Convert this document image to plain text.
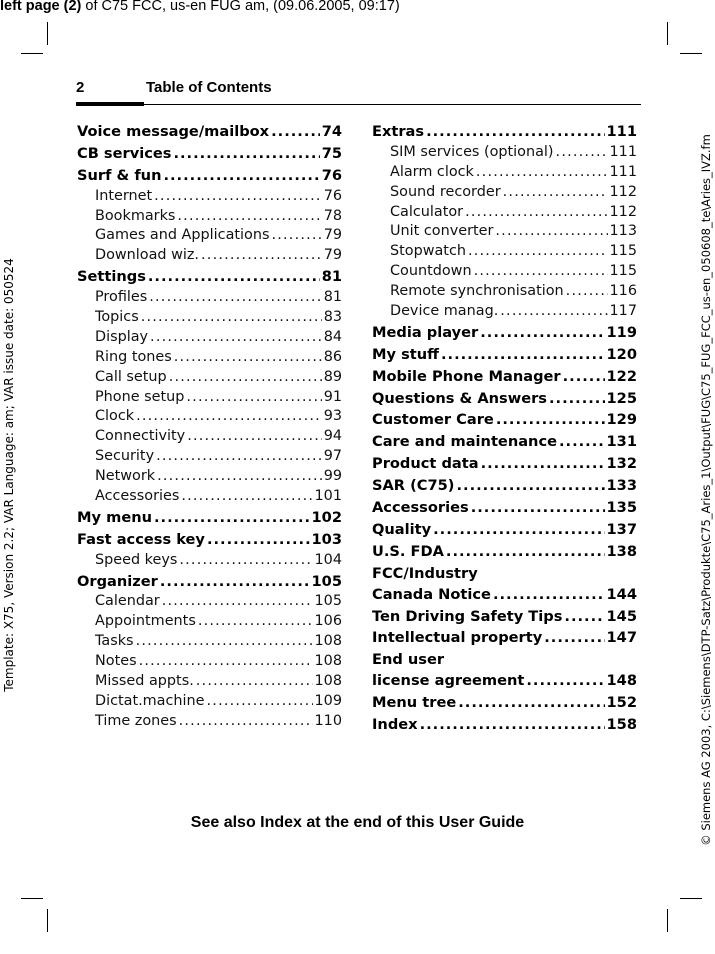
left page (2) of C75 FCC, us-en FUG am, (09.06.2005, 09:17)
Template: X75, Version 2.2; VAR Language: am; VAR issue date: 050524	© Siemens AG 2003, C:\Siemens\DTP-Satz\Produkte\C75_Aries_1\Output\FUG\C75_FUG_FCC_us-en_050608_te\Aries_IVZ.fm
2	Table of Contents
Voice message/mailbox .....	74
CB services .....	75
Surf & fun .....	76
Internet .....	76
Bookmarks .....	78
Games and Applications .....	79
Download wiz. .....	79
Settings .....	81
Profiles .....	81
Topics .....	83
Display .....	84
Ring tones .....	86
Call setup .....	89
Phone setup .....	91
Clock .....	93
Connectivity .....	94
Security .....	97
Network .....	99
Accessories .....	101
My menu .....	102
Fast access key .....	103
Speed keys .....	104
Organizer .....	105
Calendar .....	105
Appointments .....	106
Tasks .....	108
Notes .....	108
Missed appts. .....	108
Dictat.machine .....	109
Time zones .....	110
Extras .....	111
SIM services (optional) .....	111
Alarm clock .....	111
Sound recorder .....	112
Calculator .....	112
Unit converter .....	113
Stopwatch .....	115
Countdown .....	115
Remote synchronisation .....	116
Device manag. .....	117
Media player .....	119
My stuff .....	120
Mobile Phone Manager .....	122
Questions & Answers .....	125
Customer Care .....	129
Care and maintenance .....	131
Product data .....	132
SAR (C75) .....	133
Accessories .....	135
Quality .....	137
U.S. FDA .....	138
FCC/Industry
Canada Notice .....	144
Ten Driving Safety Tips .....	145
Intellectual property .....	147
End user
license agreement .....	148
Menu tree .....	152
Index .....	158
See also Index at the end of this User Guide
